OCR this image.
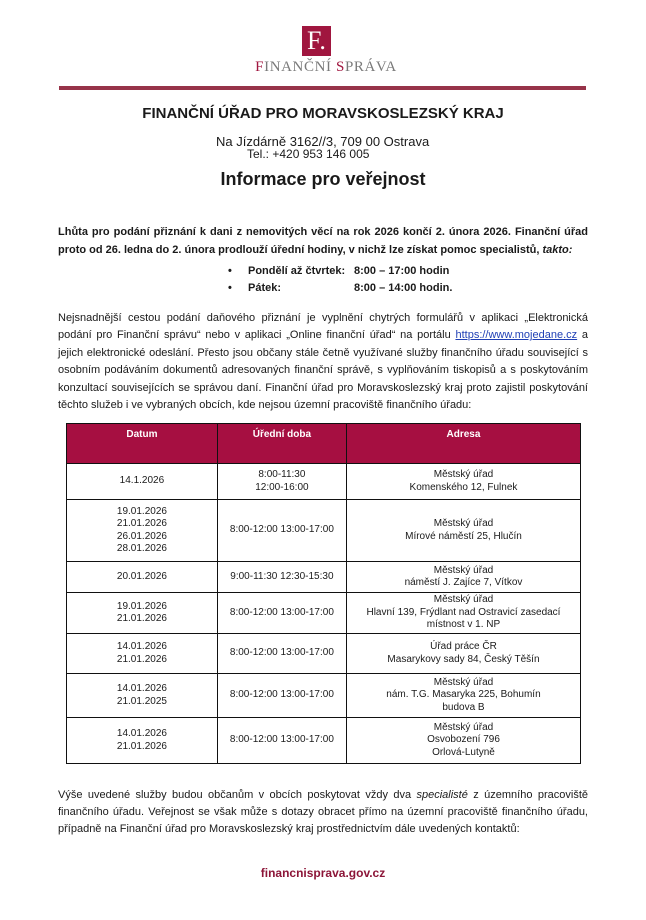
F.
FINANČNÍ SPRÁVA
FINANČNÍ ÚŘAD PRO MORAVSKOSLEZSKÝ KRAJ
Na Jízdárně 3162//3, 709 00 Ostrava
Tel.: +420 953 146 005
Informace pro veřejnost
Lhůta pro podání přiznání k dani z nemovitých věcí na rok 2026 končí 2. února 2026. Finanční úřad proto od 26. ledna do 2. února prodlouží úřední hodiny, v nichž lze získat pomoc specialistů, takto:
•	Pondělí až čtvrtek: 8:00 – 17:00 hodin
•	Pátek:	8:00 – 14:00 hodin.
Nejsnadnější cestou podání daňového přiznání je vyplnění chytrých formulářů v aplikaci „Elektronická podání pro Finanční správu“ nebo v aplikaci „Online finanční úřad“ na portálu https://www.mojedane.cz a jejich elektronické odeslání. Přesto jsou občany stále četně využívané služby finančního úřadu související s osobním podáváním dokumentů adresovaných finanční správě, s vyplňováním tiskopisů a s poskytováním konzultací souvisejících se správou daní. Finanční úřad pro Moravskoslezský kraj proto zajistil poskytování těchto služeb i ve vybraných obcích, kde nejsou územní pracoviště finančního úřadu:
Datum	Úřední doba	Adresa
14.1.2026	8:00-11:30
12:00-16:00	Městský úřad
Komenského 12, Fulnek
19.01.2026
21.01.2026
26.01.2026
28.01.2026	8:00-12:00 13:00-17:00	Městský úřad
Mírové náměstí 25, Hlučín
20.01.2026	9:00-11:30 12:30-15:30	Městský úřad
náměstí J. Zajíce 7, Vítkov
19.01.2026
21.01.2026	8:00-12:00 13:00-17:00	Městský úřad
Hlavní 139, Frýdlant nad Ostravicí zasedací
místnost v 1. NP
14.01.2026
21.01.2026	8:00-12:00 13:00-17:00	Úřad práce ČR
Masarykovy sady 84, Český Těšín
14.01.2026
21.01.2025	8:00-12:00 13:00-17:00	Městský úřad
nám. T.G. Masaryka 225, Bohumín
budova B
14.01.2026
21.01.2026	8:00-12:00 13:00-17:00	Městský úřad
Osvobození 796
Orlová-Lutyně
Výše uvedené služby budou občanům v obcích poskytovat vždy dva specialisté z územního pracoviště finančního úřadu. Veřejnost se však může s dotazy obracet přímo na územní pracoviště finančního úřadu, případně na Finanční úřad pro Moravskoslezský kraj prostřednictvím dále uvedených kontaktů:
financnisprava.gov.cz
